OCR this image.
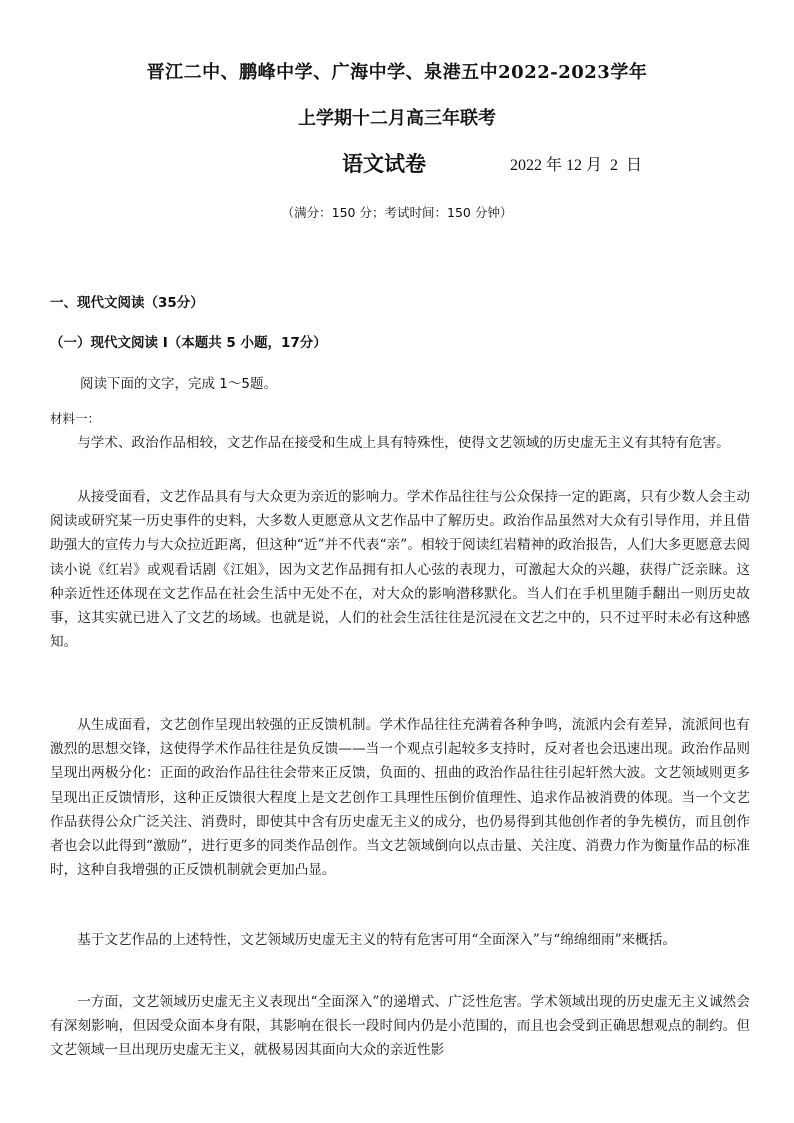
晋江二中、鹏峰中学、广海中学、泉港五中2022-2023学年
上学期十二月高三年联考
语文试卷	2022 年 12 月  2  日
（满分：150 分；考试时间：150 分钟）
一、现代文阅读（35分）
（一）现代文阅读 I（本题共 5 小题，17分）
阅读下面的文字，完成 1～5题。
材料一：

与学术、政治作品相较，文艺作品在接受和生成上具有特殊性，使得文艺领域的历史虚无主义有其特有危害。

从接受面看，文艺作品具有与大众更为亲近的影响力。学术作品往往与公众保持一定的距离，只有少数人会主动阅读或研究某一历史事件的史料，大多数人更愿意从文艺作品中了解历史。政治作品虽然对大众有引导作用，并且借助强大的宣传力与大众拉近距离，但这种“近”并不代表“亲”。相较于阅读红岩精神的政治报告，人们大多更愿意去阅读小说《红岩》或观看话剧《江姐》，因为文艺作品拥有扣人心弦的表现力，可激起大众的兴趣，获得广泛亲睐。这种亲近性还体现在文艺作品在社会生活中无处不在，对大众的影响潜移默化。当人们在手机里随手翻出一则历史故事，这其实就已进入了文艺的场域。也就是说，人们的社会生活往往是沉浸在文艺之中的，只不过平时未必有这种感知。

从生成面看，文艺创作呈现出较强的正反馈机制。学术作品往往充满着各种争鸣，流派内会有差异，流派间也有激烈的思想交锋，这使得学术作品往往是负反馈——当一个观点引起较多支持时，反对者也会迅速出现。政治作品则呈现出两极分化：正面的政治作品往往会带来正反馈，负面的、扭曲的政治作品往往引起轩然大波。文艺领域则更多呈现出正反馈情形，这种正反馈很大程度上是文艺创作工具理性压倒价值理性、追求作品被消费的体现。当一个文艺作品获得公众广泛关注、消费时，即使其中含有历史虚无主义的成分，也仍易得到其他创作者的争先模仿，而且创作者也会以此得到“激励”，进行更多的同类作品创作。当文艺领域倒向以点击量、关注度、消费力作为衡量作品的标准时，这种自我增强的正反馈机制就会更加凸显。

基于文艺作品的上述特性，文艺领域历史虚无主义的特有危害可用“全面深入”与“绵绵细雨”来概括。

一方面，文艺领域历史虚无主义表现出“全面深入”的递增式、广泛性危害。学术领域出现的历史虚无主义诚然会有深刻影响，但因受众面本身有限，其影响在很长一段时间内仍是小范围的，而且也会受到正确思想观点的制约。但文艺领域一旦出现历史虚无主义，就极易因其面向大众的亲近性影
